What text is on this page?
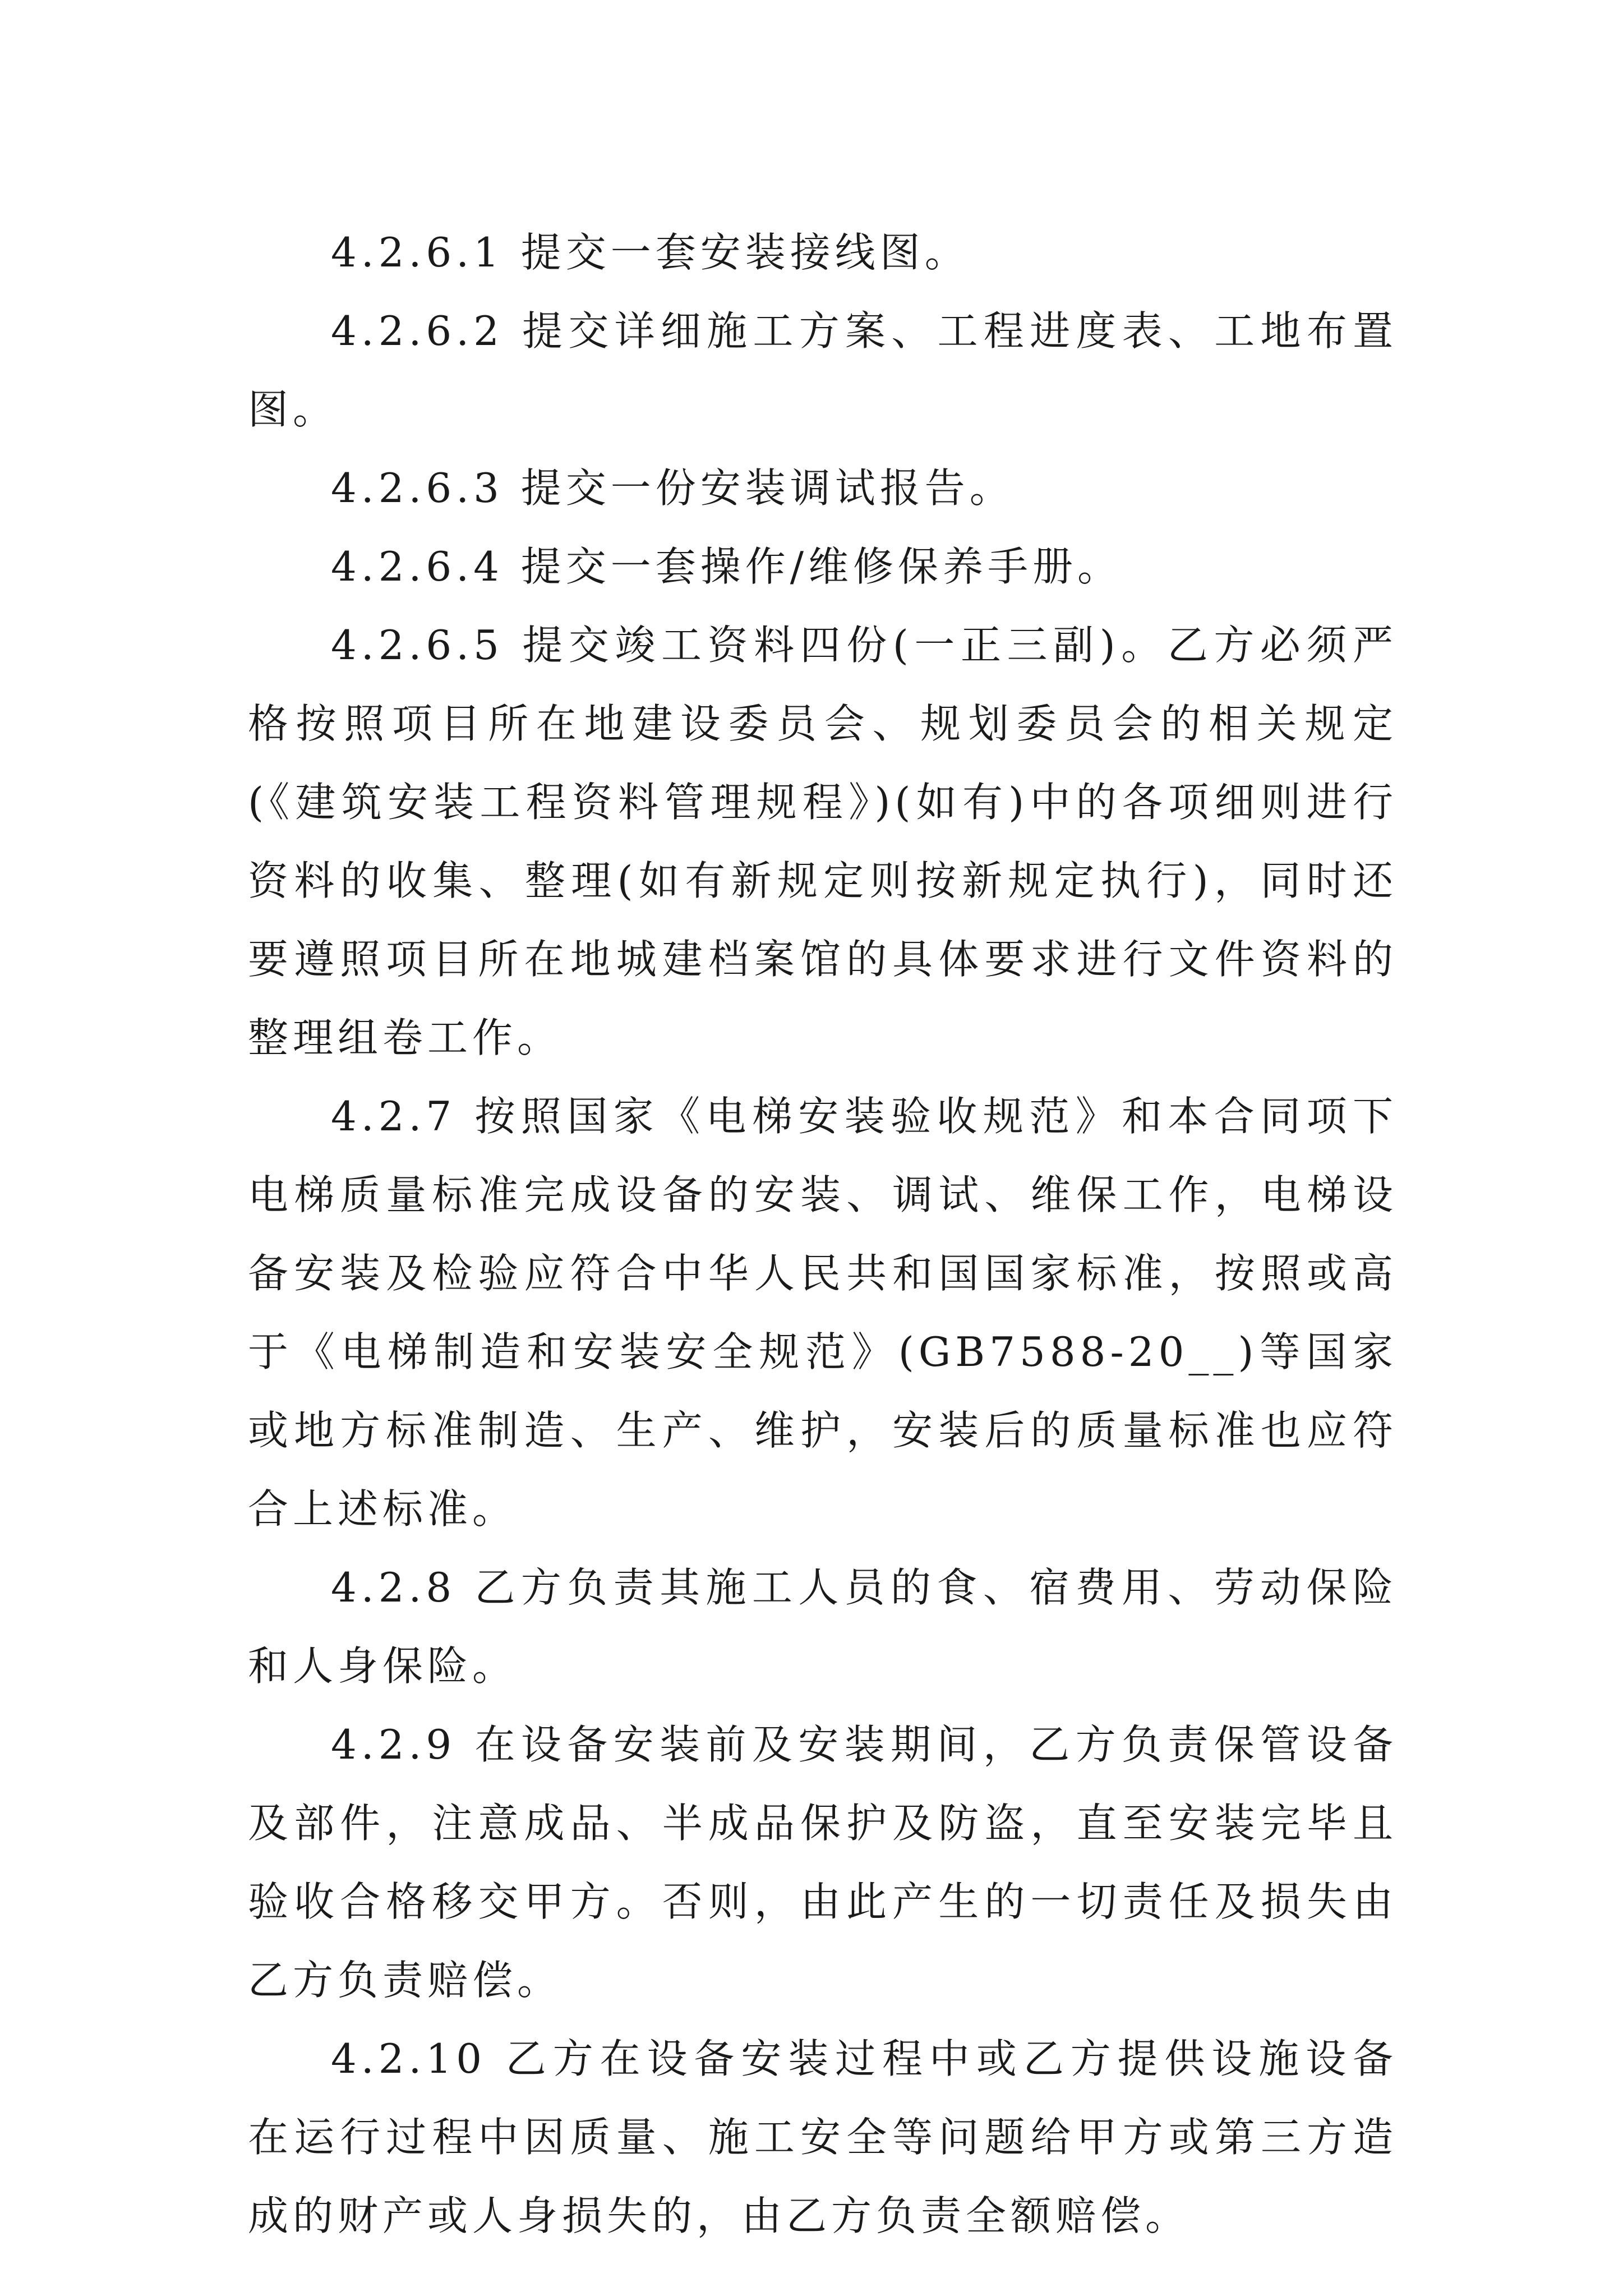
4.2.6.1 提交一套安装接线图。

4.2.6.2 提交详细施工方案、工程进度表、工地布置图。

4.2.6.3 提交一份安装调试报告。

4.2.6.4 提交一套操作/维修保养手册。

4.2.6.5 提交竣工资料四份(一正三副)。乙方必须严格按照项目所在地建设委员会、规划委员会的相关规定(《建筑安装工程资料管理规程》)(如有)中的各项细则进行资料的收集、整理(如有新规定则按新规定执行)，同时还要遵照项目所在地城建档案馆的具体要求进行文件资料的整理组卷工作。

4.2.7 按照国家《电梯安装验收规范》和本合同项下电梯质量标准完成设备的安装、调试、维保工作，电梯设备安装及检验应符合中华人民共和国国家标准，按照或高于《电梯制造和安装安全规范》(GB7588-20__)等国家或地方标准制造、生产、维护，安装后的质量标准也应符合上述标准。

4.2.8 乙方负责其施工人员的食、宿费用、劳动保险和人身保险。

4.2.9 在设备安装前及安装期间，乙方负责保管设备及部件，注意成品、半成品保护及防盗，直至安装完毕且验收合格移交甲方。否则，由此产生的一切责任及损失由乙方负责赔偿。

4.2.10 乙方在设备安装过程中或乙方提供设施设备在运行过程中因质量、施工安全等问题给甲方或第三方造成的财产或人身损失的，由乙方负责全额赔偿。
